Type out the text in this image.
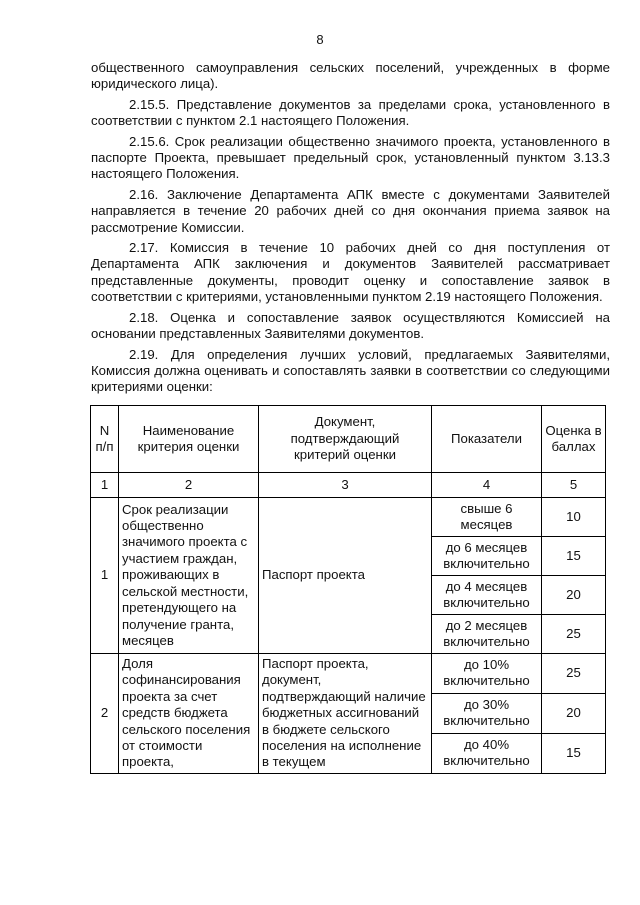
8

общественного самоуправления сельских поселений, учрежденных в форме юридического лица).

2.15.5. Представление документов за пределами срока, установленного в соответствии с пунктом 2.1 настоящего Положения.

2.15.6. Срок реализации общественно значимого проекта, установленного в паспорте Проекта, превышает предельный срок, установленный пунктом 3.13.3 настоящего Положения.

2.16. Заключение Департамента АПК вместе с документами Заявителей направляется в течение 20 рабочих дней со дня окончания приема заявок на рассмотрение Комиссии.

2.17. Комиссия в течение 10 рабочих дней со дня поступления от Департамента АПК заключения и документов Заявителей рассматривает представленные документы, проводит оценку и сопоставление заявок в соответствии с критериями, установленными пунктом 2.19 настоящего Положения.

2.18. Оценка и сопоставление заявок осуществляются Комиссией на основании представленных Заявителями документов.

2.19. Для определения лучших условий, предлагаемых Заявителями, Комиссия должна оценивать и сопоставлять заявки в соответствии со следующими критериями оценки:

N п/п	Наименование критерия оценки	Документ, подтверждающий критерий оценки	Показатели	Оценка в баллах
1	2	3	4	5
1	Срок реализации общественно значимого проекта с участием граждан, проживающих в сельской местности, претендующего на получение гранта, месяцев	Паспорт проекта	свыше 6 месяцев	10
			до 6 месяцев включительно	15
			до 4 месяцев включительно	20
			до 2 месяцев включительно	25
2	Доля софинансирования проекта за счет средств бюджета сельского поселения от стоимости проекта,	Паспорт проекта, документ, подтверждающий наличие бюджетных ассигнований в бюджете сельского поселения на исполнение в текущем	до 10% включительно	25
			до 30% включительно	20
			до 40% включительно	15
